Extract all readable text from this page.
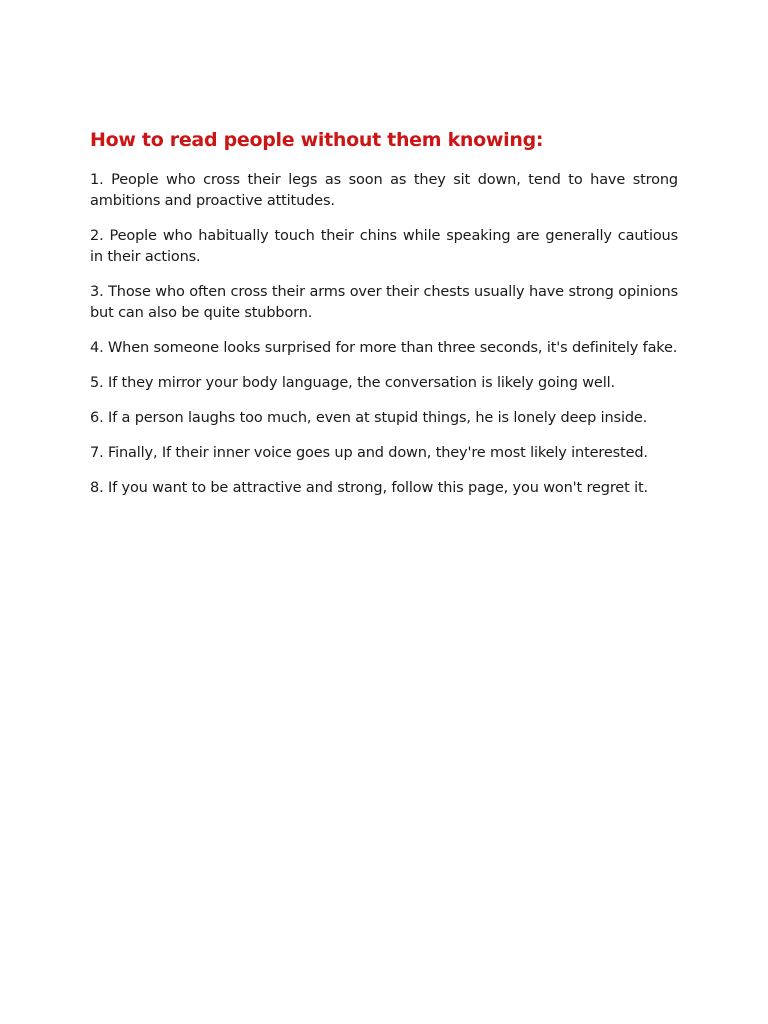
How to read people without them knowing:
1. People who cross their legs as soon as they sit down, tend to have strong ambitions and proactive attitudes.
2. People who habitually touch their chins while speaking are generally cautious in their actions.
3. Those who often cross their arms over their chests usually have strong opinions but can also be quite stubborn.
4. When someone looks surprised for more than three seconds, it's definitely fake.
5. If they mirror your body language, the conversation is likely going well.
6. If a person laughs too much, even at stupid things, he is lonely deep inside.
7. Finally, If their inner voice goes up and down, they're most likely interested.
8. If you want to be attractive and strong, follow this page, you won't regret it.
